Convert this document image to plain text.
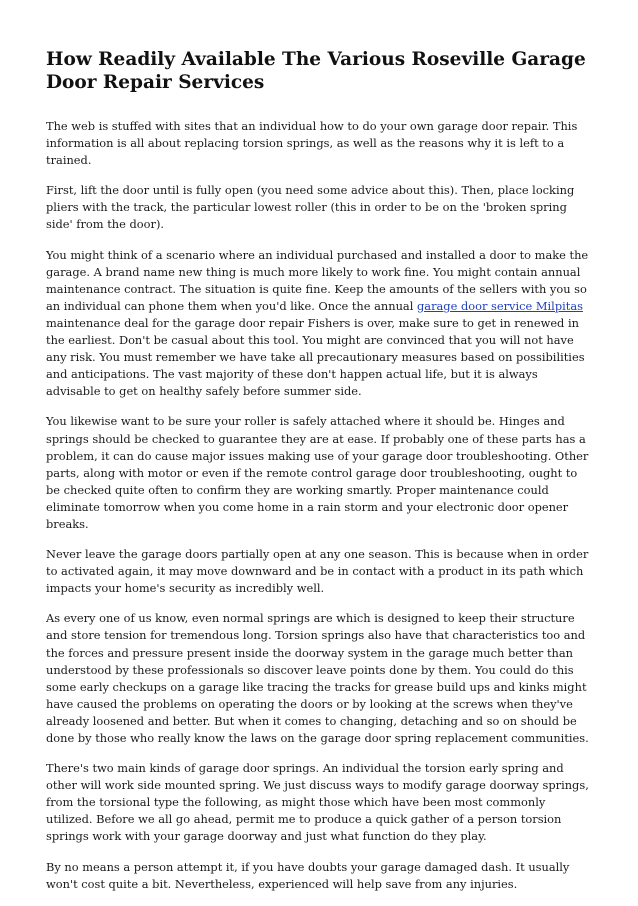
How Readily Available The Various Roseville Garage Door Repair Services

The web is stuffed with sites that an individual how to do your own garage door repair. This information is all about replacing torsion springs, as well as the reasons why it is left to a trained.

First, lift the door until is fully open (you need some advice about this). Then, place locking pliers with the track, the particular lowest roller (this in order to be on the 'broken spring side' from the door).

You might think of a scenario where an individual purchased and installed a door to make the garage. A brand name new thing is much more likely to work fine. You might contain annual maintenance contract. The situation is quite fine. Keep the amounts of the sellers with you so an individual can phone them when you'd like. Once the annual garage door service Milpitas maintenance deal for the garage door repair Fishers is over, make sure to get in renewed in the earliest. Don't be casual about this tool. You might are convinced that you will not have any risk. You must remember we have take all precautionary measures based on possibilities and anticipations. The vast majority of these don't happen actual life, but it is always advisable to get on healthy safely before summer side.

You likewise want to be sure your roller is safely attached where it should be. Hinges and springs should be checked to guarantee they are at ease. If probably one of these parts has a problem, it can do cause major issues making use of your garage door troubleshooting. Other parts, along with motor or even if the remote control garage door troubleshooting, ought to be checked quite often to confirm they are working smartly. Proper maintenance could eliminate tomorrow when you come home in a rain storm and your electronic door opener breaks.

Never leave the garage doors partially open at any one season. This is because when in order to activated again, it may move downward and be in contact with a product in its path which impacts your home's security as incredibly well.

As every one of us know, even normal springs are which is designed to keep their structure and store tension for tremendous long. Torsion springs also have that characteristics too and the forces and pressure present inside the doorway system in the garage much better than understood by these professionals so discover leave points done by them. You could do this some early checkups on a garage like tracing the tracks for grease build ups and kinks might have caused the problems on operating the doors or by looking at the screws when they've already loosened and better. But when it comes to changing, detaching and so on should be done by those who really know the laws on the garage door spring replacement communities.

There's two main kinds of garage door springs. An individual the torsion early spring and other will work side mounted spring. We just discuss ways to modify garage doorway springs, from the torsional type the following, as might those which have been most commonly utilized. Before we all go ahead, permit me to produce a quick gather of a person torsion springs work with your garage doorway and just what function do they play.

By no means a person attempt it, if you have doubts your garage damaged dash. It usually won't cost quite a bit. Nevertheless, experienced will help save from any injuries.
